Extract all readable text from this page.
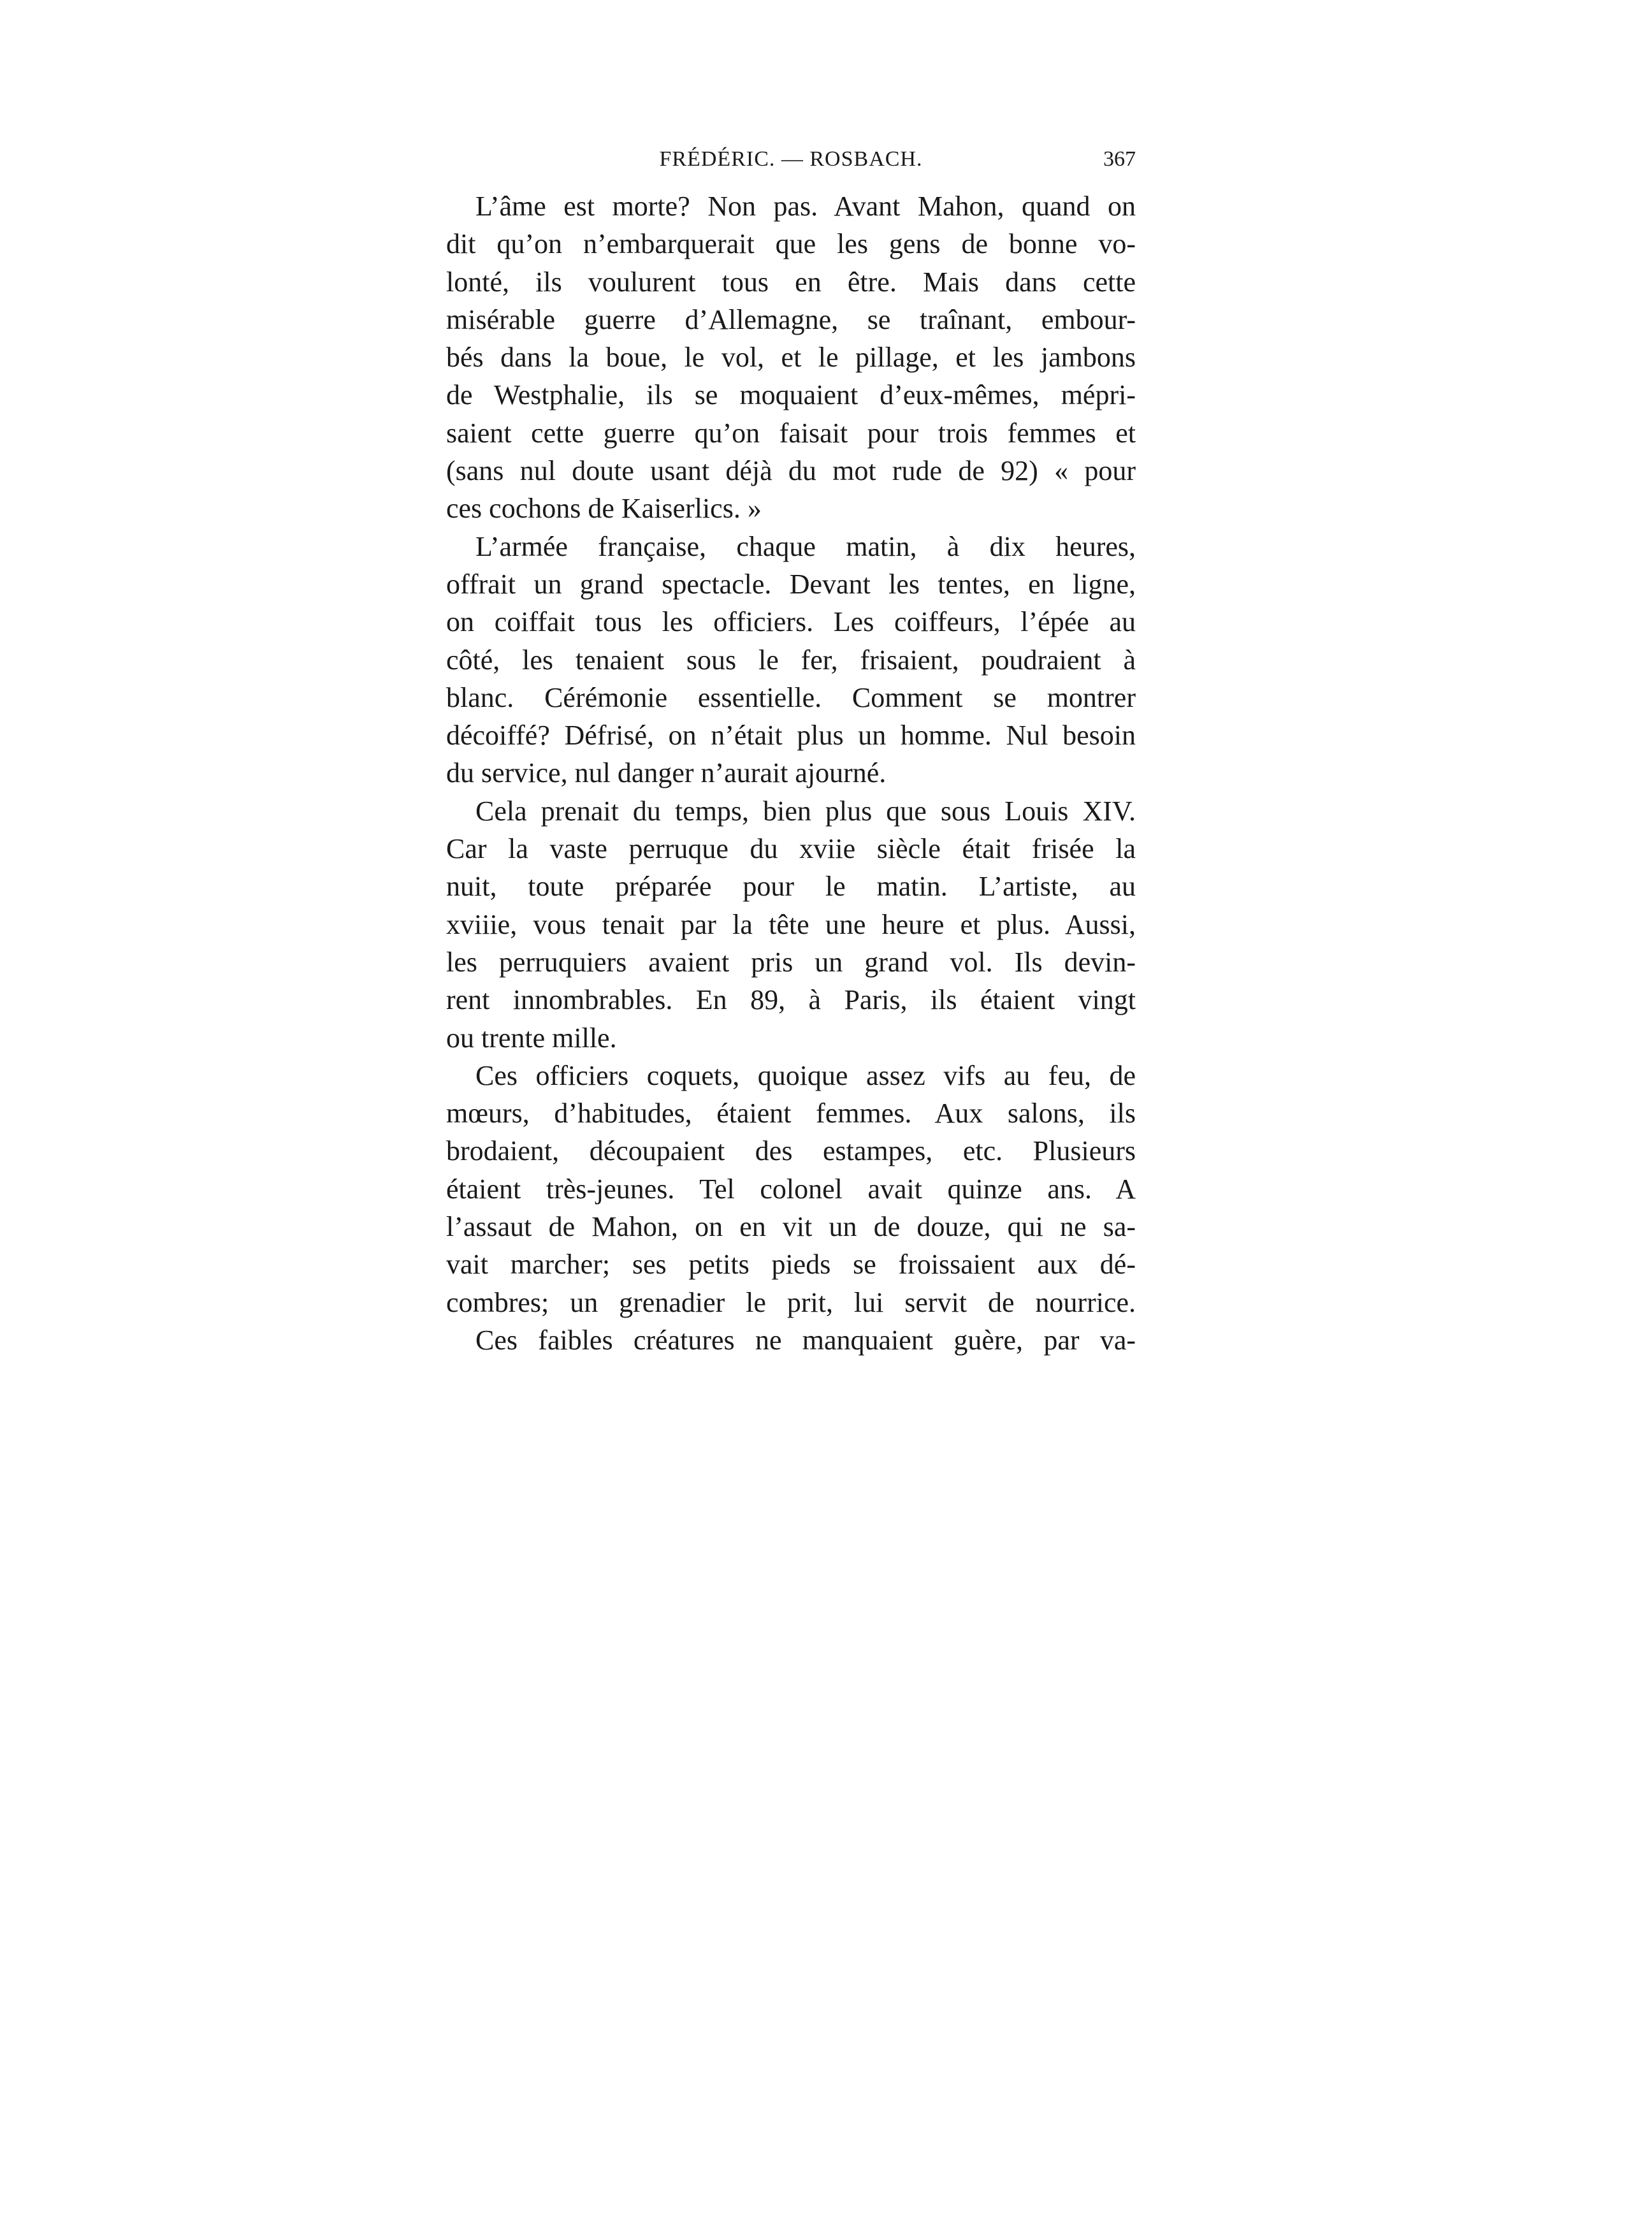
FRÉDÉRIC. — ROSBACH.	367
L’âme est morte? Non pas. Avant Mahon, quand on
dit qu’on n’embarquerait que les gens de bonne vo-
lonté, ils voulurent tous en être. Mais dans cette
misérable guerre d’Allemagne, se traînant, embour-
bés dans la boue, le vol, et le pillage, et les jambons
de Westphalie, ils se moquaient d’eux-mêmes, mépri-
saient cette guerre qu’on faisait pour trois femmes et
(sans nul doute usant déjà du mot rude de 92) « pour
ces cochons de Kaiserlics. »
L’armée française, chaque matin, à dix heures,
offrait un grand spectacle. Devant les tentes, en ligne,
on coiffait tous les officiers. Les coiffeurs, l’épée au
côté, les tenaient sous le fer, frisaient, poudraient à
blanc. Cérémonie essentielle. Comment se montrer
décoiffé? Défrisé, on n’était plus un homme. Nul besoin
du service, nul danger n’aurait ajourné.
Cela prenait du temps, bien plus que sous Louis XIV.
Car la vaste perruque du xviie siècle était frisée la
nuit, toute préparée pour le matin. L’artiste, au
xviiie, vous tenait par la tête une heure et plus. Aussi,
les perruquiers avaient pris un grand vol. Ils devin-
rent innombrables. En 89, à Paris, ils étaient vingt
ou trente mille.
Ces officiers coquets, quoique assez vifs au feu, de
mœurs, d’habitudes, étaient femmes. Aux salons, ils
brodaient, découpaient des estampes, etc. Plusieurs
étaient très-jeunes. Tel colonel avait quinze ans. A
l’assaut de Mahon, on en vit un de douze, qui ne sa-
vait marcher; ses petits pieds se froissaient aux dé-
combres; un grenadier le prit, lui servit de nourrice.
Ces faibles créatures ne manquaient guère, par va-
